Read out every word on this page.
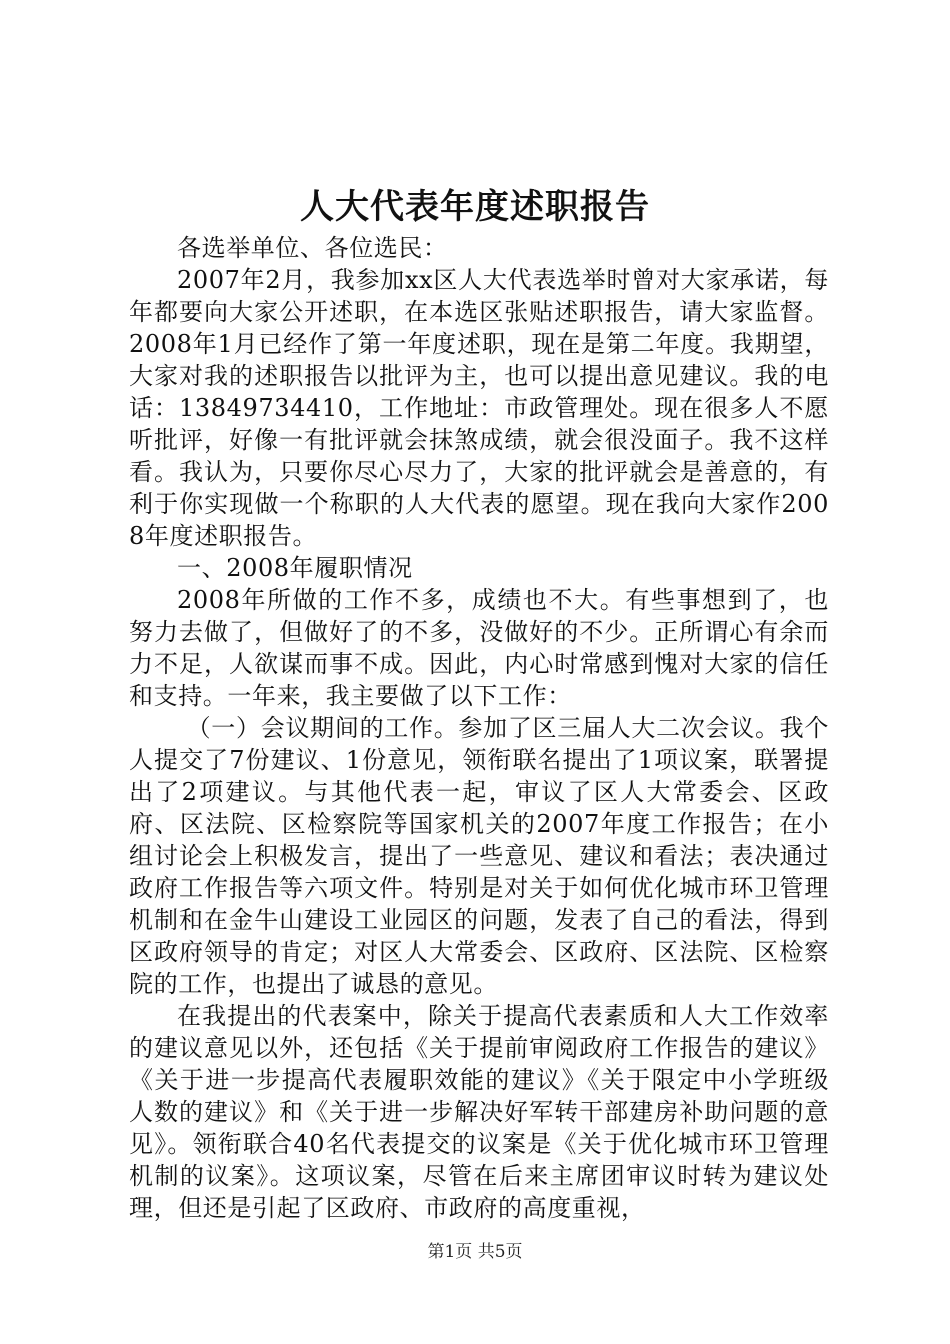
人大代表年度述职报告

各选举单位、各位选民：

2007年2月，我参加xx区人大代表选举时曾对大家承诺，每年都要向大家公开述职，在本选区张贴述职报告，请大家监督。2008年1月已经作了第一年度述职，现在是第二年度。我期望，大家对我的述职报告以批评为主，也可以提出意见建议。我的电话：13849734410，工作地址：市政管理处。现在很多人不愿听批评，好像一有批评就会抹煞成绩，就会很没面子。我不这样看。我认为，只要你尽心尽力了，大家的批评就会是善意的，有利于你实现做一个称职的人大代表的愿望。现在我向大家作2008年度述职报告。

一、2008年履职情况

2008年所做的工作不多，成绩也不大。有些事想到了，也努力去做了，但做好了的不多，没做好的不少。正所谓心有余而力不足，人欲谋而事不成。因此，内心时常感到愧对大家的信任和支持。一年来，我主要做了以下工作：

（一）会议期间的工作。参加了区三届人大二次会议。我个人提交了7份建议、1份意见，领衔联名提出了1项议案，联署提出了2项建议。与其他代表一起，审议了区人大常委会、区政府、区法院、区检察院等国家机关的2007年度工作报告；在小组讨论会上积极发言，提出了一些意见、建议和看法；表决通过政府工作报告等六项文件。特别是对关于如何优化城市环卫管理机制和在金牛山建设工业园区的问题，发表了自己的看法，得到区政府领导的肯定；对区人大常委会、区政府、区法院、区检察院的工作，也提出了诚恳的意见。

在我提出的代表案中，除关于提高代表素质和人大工作效率的建议意见以外，还包括《关于提前审阅政府工作报告的建议》《关于进一步提高代表履职效能的建议》《关于限定中小学班级人数的建议》和《关于进一步解决好军转干部建房补助问题的意见》。领衔联合40名代表提交的议案是《关于优化城市环卫管理机制的议案》。这项议案，尽管在后来主席团审议时转为建议处理，但还是引起了区政府、市政府的高度重视，

第1页 共5页
